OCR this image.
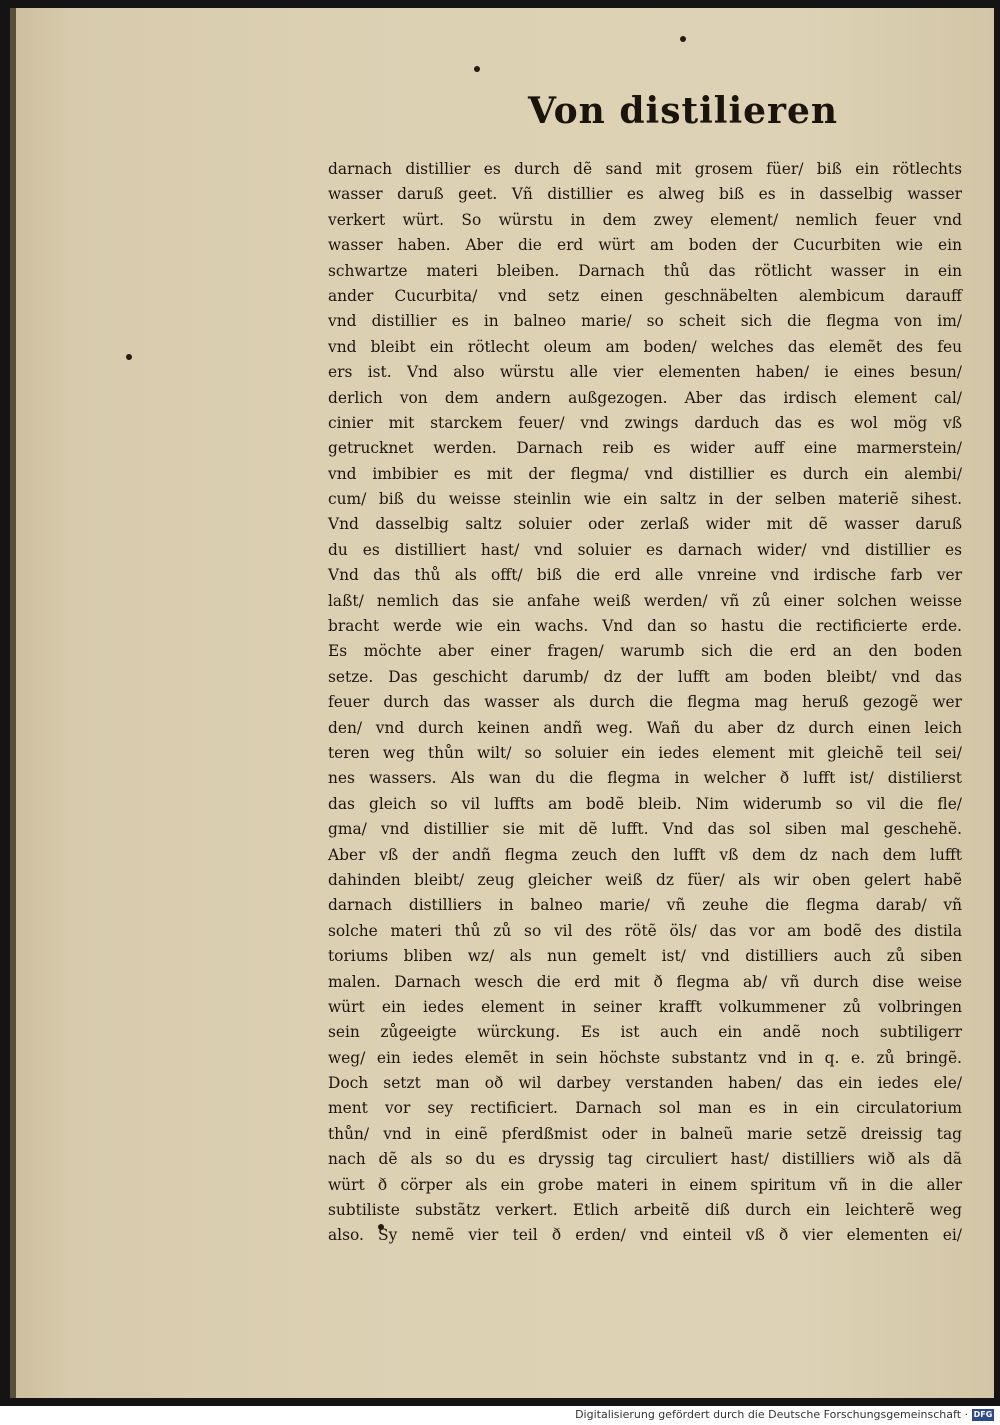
Von distilieren
darnach distillier es durch dẽ sand mit grosem füer/ biß ein rötlechts
wasser daruß geet. Vñ distillier es alweg biß es in dasselbig wasser
verkert würt. So würstu in dem zwey element/ nemlich feuer vnd
wasser haben. Aber die erd würt am boden der Cucurbiten wie ein
schwartze materi bleiben. Darnach thů das rötlicht wasser in ein
ander Cucurbita/ vnd setz einen geschnäbelten alembicum darauff
vnd distillier es in balneo marie/ so scheit sich die flegma von im/
vnd bleibt ein rötlecht oleum am boden/ welches das elemẽt des feu
ers ist. Vnd also würstu alle vier elementen haben/ ie eines besun/
derlich von dem andern außgezogen. Aber das irdisch element cal/
cinier mit starckem feuer/ vnd zwings darduch das es wol mög vß
getrucknet werden. Darnach reib es wider auff eine marmerstein/
vnd imbibier es mit der flegma/ vnd distillier es durch ein alembi/
cum/ biß du weisse steinlin wie ein saltz in der selben materiẽ sihest.
Vnd dasselbig saltz soluier oder zerlaß wider mit dẽ wasser daruß
du es distilliert hast/ vnd soluier es darnach wider/ vnd distillier es
Vnd das thů als offt/ biß die erd alle vnreine vnd irdische farb ver
laßt/ nemlich das sie anfahe weiß werden/ vñ zů einer solchen weisse
bracht werde wie ein wachs. Vnd dan so hastu die rectificierte erde.
Es möchte aber einer fragen/ warumb sich die erd an den boden
setze. Das geschicht darumb/ dz der lufft am boden bleibt/ vnd das
feuer durch das wasser als durch die flegma mag heruß gezogẽ wer
den/ vnd durch keinen andñ weg. Wañ du aber dz durch einen leich
teren weg thůn wilt/ so soluier ein iedes element mit gleichẽ teil sei/
nes wassers. Als wan du die flegma in welcher ð lufft ist/ distilierst
das gleich so vil luffts am bodẽ bleib. Nim widerumb so vil die fle/
gma/ vnd distillier sie mit dẽ lufft. Vnd das sol siben mal geschehẽ.
Aber vß der andñ flegma zeuch den lufft vß dem dz nach dem lufft
dahinden bleibt/ zeug gleicher weiß dz füer/ als wir oben gelert habẽ
darnach distilliers in balneo marie/ vñ zeuhe die flegma darab/ vñ
solche materi thů zů so vil des rötẽ öls/ das vor am bodẽ des distila
toriums bliben wz/ als nun gemelt ist/ vnd distilliers auch zů siben
malen. Darnach wesch die erd mit ð flegma ab/ vñ durch dise weise
würt ein iedes element in seiner krafft volkummener zů volbringen
sein zůgeeigte würckung. Es ist auch ein andẽ noch subtiligerr
weg/ ein iedes elemẽt in sein höchste substantz vnd in q. e. zů bringẽ.
Doch setzt man oð wil darbey verstanden haben/ das ein iedes ele/
ment vor sey rectificiert. Darnach sol man es in ein circulatorium
thůn/ vnd in einẽ pferdßmist oder in balneũ marie setzẽ dreissig tag
nach dẽ als so du es dryssig tag circuliert hast/ distilliers wið als dã
würt ð cörper als ein grobe materi in einem spiritum vñ in die aller
subtiliste substãtz verkert. Etlich arbeitẽ diß durch ein leichterẽ weg
also. Sy nemẽ vier teil ð erden/ vnd einteil vß ð vier elementen ei/
Digitalisierung gefördert durch die Deutsche Forschungsgemeinschaft · DFG
